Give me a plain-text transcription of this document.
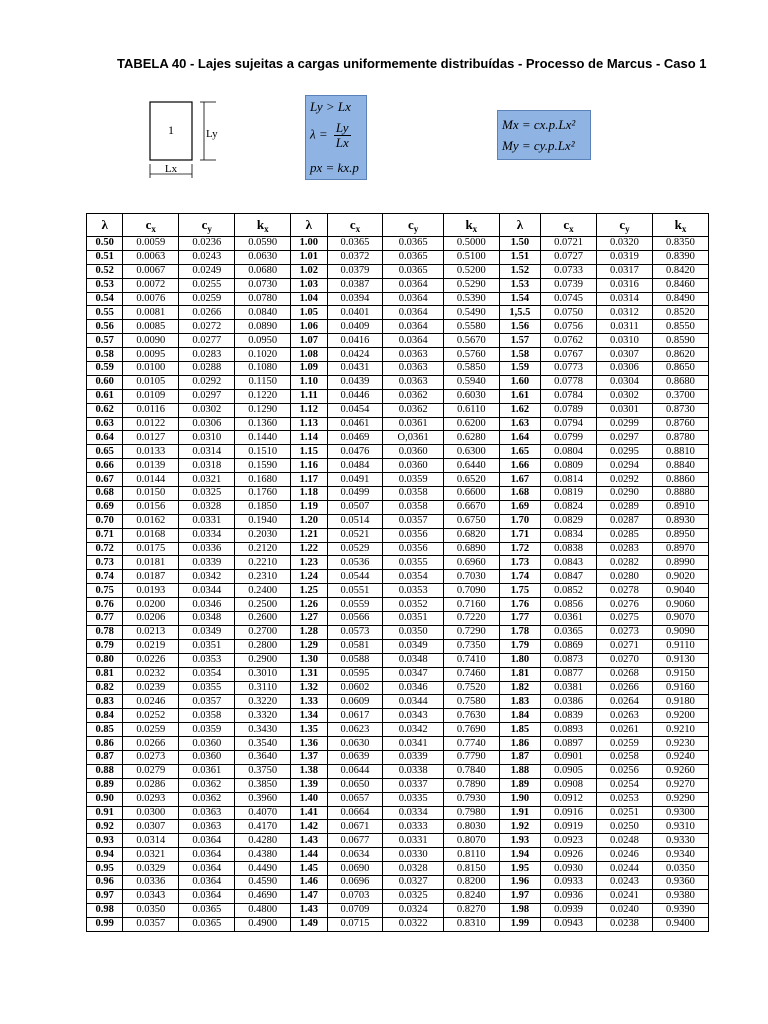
TABELA 40 - Lajes sujeitas a cargas uniformemente distribuídas - Processo de Marcus - Caso 1
1	Ly
Lx
Ly > Lx
$\lambda = \frac{Ly}{Lx}$
px = kx.p
Mx = cx.p.Lx²
My = cy.p.Lx²
λ	$c_x$	$c_y$	$k_x$	λ	$c_x$	$c_y$	$k_x$	λ	$c_x$	$c_y$	$k_x$
0.50	0.0059	0.0236	0.0590	1.00	0.0365	0.0365	0.5000	1.50	0.0721	0.0320	0.8350
0.51	0.0063	0.0243	0.0630	1.01	0.0372	0.0365	0.5100	1.51	0.0727	0.0319	0.8390
0.52	0.0067	0.0249	0.0680	1.02	0.0379	0.0365	0.5200	1.52	0.0733	0.0317	0.8420
0.53	0.0072	0.0255	0.0730	1.03	0.0387	0.0364	0.5290	1.53	0.0739	0.0316	0.8460
0.54	0.0076	0.0259	0.0780	1.04	0.0394	0.0364	0.5390	1.54	0.0745	0.0314	0.8490
0.55	0.0081	0.0266	0.0840	1.05	0.0401	0.0364	0.5490	1,5.5	0.0750	0.0312	0.8520
0.56	0.0085	0.0272	0.0890	1.06	0.0409	0.0364	0.5580	1.56	0.0756	0.0311	0.8550
0.57	0.0090	0.0277	0.0950	1.07	0.0416	0.0364	0.5670	1.57	0.0762	0.0310	0.8590
0.58	0.0095	0.0283	0.1020	1.08	0.0424	0.0363	0.5760	1.58	0.0767	0.0307	0.8620
0.59	0.0100	0.0288	0.1080	1.09	0.0431	0.0363	0.5850	1.59	0.0773	0.0306	0.8650
0.60	0.0105	0.0292	0.1150	1.10	0.0439	0.0363	0.5940	1.60	0.0778	0.0304	0.8680
0.61	0.0109	0.0297	0.1220	1.11	0.0446	0.0362	0.6030	1.61	0.0784	0.0302	0.3700
0.62	0.0116	0.0302	0.1290	1.12	0.0454	0.0362	0.6110	1.62	0.0789	0.0301	0.8730
0.63	0.0122	0.0306	0.1360	1.13	0.0461	0.0361	0.6200	1.63	0.0794	0.0299	0.8760
0.64	0.0127	0.0310	0.1440	1.14	0.0469	O,0361	0.6280	1.64	0.0799	0.0297	0.8780
0.65	0.0133	0.0314	0.1510	1.15	0.0476	0.0360	0.6300	1.65	0.0804	0.0295	0.8810
0.66	0.0139	0.0318	0.1590	1.16	0.0484	0.0360	0.6440	1.66	0.0809	0.0294	0.8840
0.67	0.0144	0.0321	0.1680	1.17	0.0491	0.0359	0.6520	1.67	0.0814	0.0292	0.8860
0.68	0.0150	0.0325	0.1760	1.18	0.0499	0.0358	0.6600	1.68	0.0819	0.0290	0.8880
0.69	0.0156	0.0328	0.1850	1.19	0.0507	0.0358	0.6670	1.69	0.0824	0.0289	0.8910
0.70	0.0162	0.0331	0.1940	1.20	0.0514	0.0357	0.6750	1.70	0.0829	0.0287	0.8930
0.71	0.0168	0.0334	0.2030	1.21	0.0521	0.0356	0.6820	1.71	0.0834	0.0285	0.8950
0.72	0.0175	0.0336	0.2120	1.22	0.0529	0.0356	0.6890	1.72	0.0838	0.0283	0.8970
0.73	0.0181	0.0339	0.2210	1.23	0.0536	0.0355	0.6960	1.73	0.0843	0.0282	0.8990
0.74	0.0187	0.0342	0.2310	1.24	0.0544	0.0354	0.7030	1.74	0.0847	0.0280	0.9020
0.75	0.0193	0.0344	0.2400	1.25	0.0551	0.0353	0.7090	1.75	0.0852	0.0278	0.9040
0.76	0.0200	0.0346	0.2500	1.26	0.0559	0.0352	0.7160	1.76	0.0856	0.0276	0.9060
0.77	0.0206	0.0348	0.2600	1.27	0.0566	0.0351	0.7220	1.77	0.0361	0.0275	0.9070
0.78	0.0213	0.0349	0.2700	1.28	0.0573	0.0350	0.7290	1.78	0.0365	0.0273	0.9090
0.79	0.0219	0.0351	0.2800	1.29	0.0581	0.0349	0.7350	1.79	0.0869	0.0271	0.9110
0.80	0.0226	0.0353	0.2900	1.30	0.0588	0.0348	0.7410	1.80	0.0873	0.0270	0.9130
0.81	0.0232	0.0354	0.3010	1.31	0.0595	0.0347	0.7460	1.81	0.0877	0.0268	0.9150
0.82	0.0239	0.0355	0.3110	1.32	0.0602	0.0346	0.7520	1.82	0.0381	0.0266	0.9160
0.83	0.0246	0.0357	0.3220	1.33	0.0609	0.0344	0.7580	1.83	0.0386	0.0264	0.9180
0.84	0.0252	0.0358	0.3320	1.34	0.0617	0.0343	0.7630	1.84	0.0839	0.0263	0.9200
0.85	0.0259	0.0359	0.3430	1.35	0.0623	0.0342	0.7690	1.85	0.0893	0.0261	0.9210
0.86	0.0266	0.0360	0.3540	1.36	0.0630	0.0341	0.7740	1.86	0.0897	0.0259	0.9230
0.87	0.0273	0.0360	0.3640	1.37	0.0639	0.0339	0.7790	1.87	0.0901	0.0258	0.9240
0.88	0.0279	0.0361	0.3750	1.38	0.0644	0.0338	0.7840	1.88	0.0905	0.0256	0.9260
0.89	0.0286	0.0362	0.3850	1.39	0.0650	0.0337	0.7890	1.89	0.0908	0.0254	0.9270
0.90	0.0293	0.0362	0.3960	1.40	0.0657	0.0335	0.7930	1.90	0.0912	0.0253	0.9290
0.91	0.0300	0.0363	0.4070	1.41	0.0664	0.0334	0.7980	1.91	0.0916	0.0251	0.9300
0.92	0.0307	0.0363	0.4170	1.42	0.0671	0.0333	0.8030	1.92	0.0919	0.0250	0.9310
0.93	0.0314	0.0364	0.4280	1.43	0.0677	0.0331	0.8070	1.93	0.0923	0.0248	0.9330
0.94	0.0321	0.0364	0.4380	1.44	0.0634	0.0330	0.8110	1.94	0.0926	0.0246	0.9340
0.95	0.0329	0.0364	0.4490	1.45	0.0690	0.0328	0.8150	1.95	0.0930	0.0244	0.0350
0.96	0.0336	0.0364	0.4590	1.46	0.0696	0.0327	0.8200	1.96	0.0933	0.0243	0.9360
0.97	0.0343	0.0364	0.4690	1.47	0.0703	0.0325	0.8240	1.97	0.0936	0.0241	0.9380
0.98	0.0350	0.0365	0.4800	1.43	0.0709	0.0324	0.8270	1.98	0.0939	0.0240	0.9390
0.99	0.0357	0.0365	0.4900	1.49	0.0715	0.0322	0.8310	1.99	0.0943	0.0238	0.9400
